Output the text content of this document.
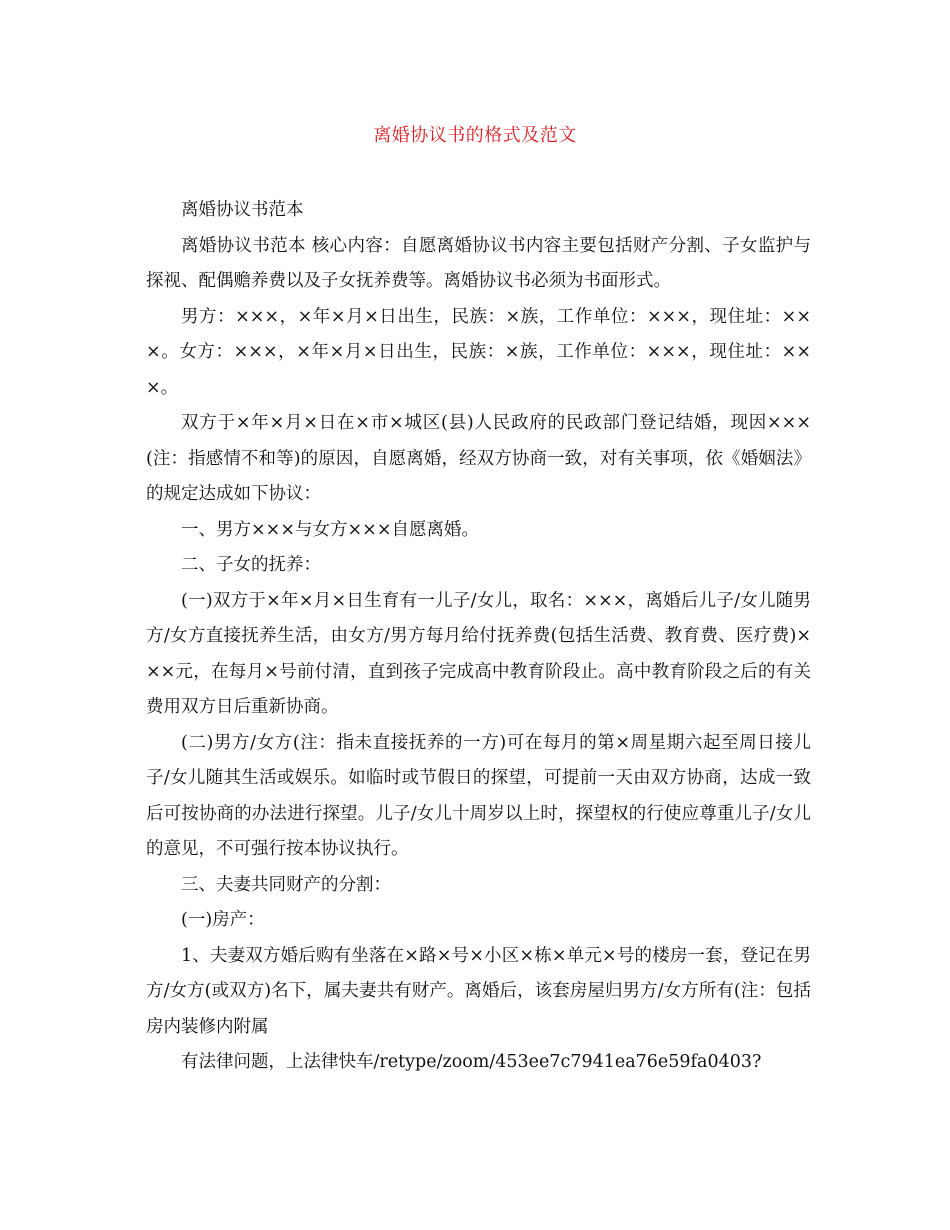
离婚协议书的格式及范文

离婚协议书范本

离婚协议书范本 核心内容：自愿离婚协议书内容主要包括财产分割、子女监护与探视、配偶赡养费以及子女抚养费等。离婚协议书必须为书面形式。

男方：×××，×年×月×日出生，民族：×族，工作单位：×××，现住址：×××。女方：×××，×年×月×日出生，民族：×族，工作单位：×××，现住址：×××。

双方于×年×月×日在×市×城区(县)人民政府的民政部门登记结婚，现因×××(注：指感情不和等)的原因，自愿离婚，经双方协商一致，对有关事项，依《婚姻法》的规定达成如下协议：

一、男方×××与女方×××自愿离婚。

二、子女的抚养：

(一)双方于×年×月×日生育有一儿子/女儿，取名：×××，离婚后儿子/女儿随男方/女方直接抚养生活，由女方/男方每月给付抚养费(包括生活费、教育费、医疗费)×××元，在每月×号前付清，直到孩子完成高中教育阶段止。高中教育阶段之后的有关费用双方日后重新协商。

(二)男方/女方(注：指未直接抚养的一方)可在每月的第×周星期六起至周日接儿子/女儿随其生活或娱乐。如临时或节假日的探望，可提前一天由双方协商，达成一致后可按协商的办法进行探望。儿子/女儿十周岁以上时，探望权的行使应尊重儿子/女儿的意见，不可强行按本协议执行。

三、夫妻共同财产的分割：

(一)房产：

1、夫妻双方婚后购有坐落在×路×号×小区×栋×单元×号的楼房一套，登记在男方/女方(或双方)名下，属夫妻共有财产。离婚后，该套房屋归男方/女方所有(注：包括房内装修内附属

有法律问题，上法律快车/retype/zoom/453ee7c7941ea76e59fa0403?
